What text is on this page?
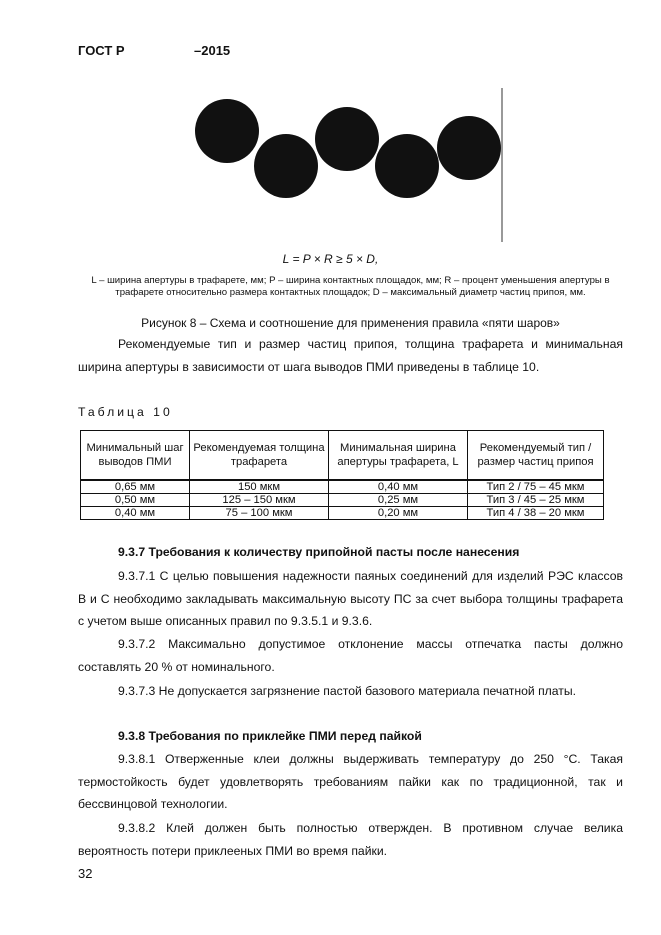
ГОСТ Р	–2015
L = P × R ≥ 5 × D,
L – ширина апертуры в трафарете, мм; P – ширина контактных площадок, мм; R – процент уменьшения апертуры в трафарете относительно размера контактных площадок; D – максимальный диаметр частиц припоя, мм.
Рисунок 8 – Схема и соотношение для применения правила «пяти шаров»
Рекомендуемые тип и размер частиц припоя, толщина трафарета и минимальная ширина апертуры в зависимости от шага выводов ПМИ приведены в таблице 10.
Таблица 10
Минимальный шаг выводов ПМИ	Рекомендуемая толщина трафарета	Минимальная ширина апертуры трафарета, L	Рекомендуемый тип / размер частиц припоя
0,65 мм	150 мкм	0,40 мм	Тип 2 / 75 – 45 мкм
0,50 мм	125 – 150 мкм	0,25 мм	Тип 3 / 45 – 25 мкм
0,40 мм	75 – 100 мкм	0,20 мм	Тип 4 / 38 – 20 мкм
9.3.7 Требования к количеству припойной пасты после нанесения
9.3.7.1 С целью повышения надежности паяных соединений для изделий РЭС классов В и С необходимо закладывать максимальную высоту ПС за счет выбора толщины трафарета с учетом выше описанных правил по 9.3.5.1 и 9.3.6.
9.3.7.2 Максимально допустимое отклонение массы отпечатка пасты должно составлять 20 % от номинального.
9.3.7.3 Не допускается загрязнение пастой базового материала печатной платы.
9.3.8 Требования по приклейке ПМИ перед пайкой
9.3.8.1 Отверженные клеи должны выдерживать температуру до 250 °С. Такая термостойкость будет удовлетворять требованиям пайки как по традиционной, так и бессвинцовой технологии.
9.3.8.2 Клей должен быть полностью отвержден. В противном случае велика вероятность потери приклееных ПМИ во время пайки.
32
